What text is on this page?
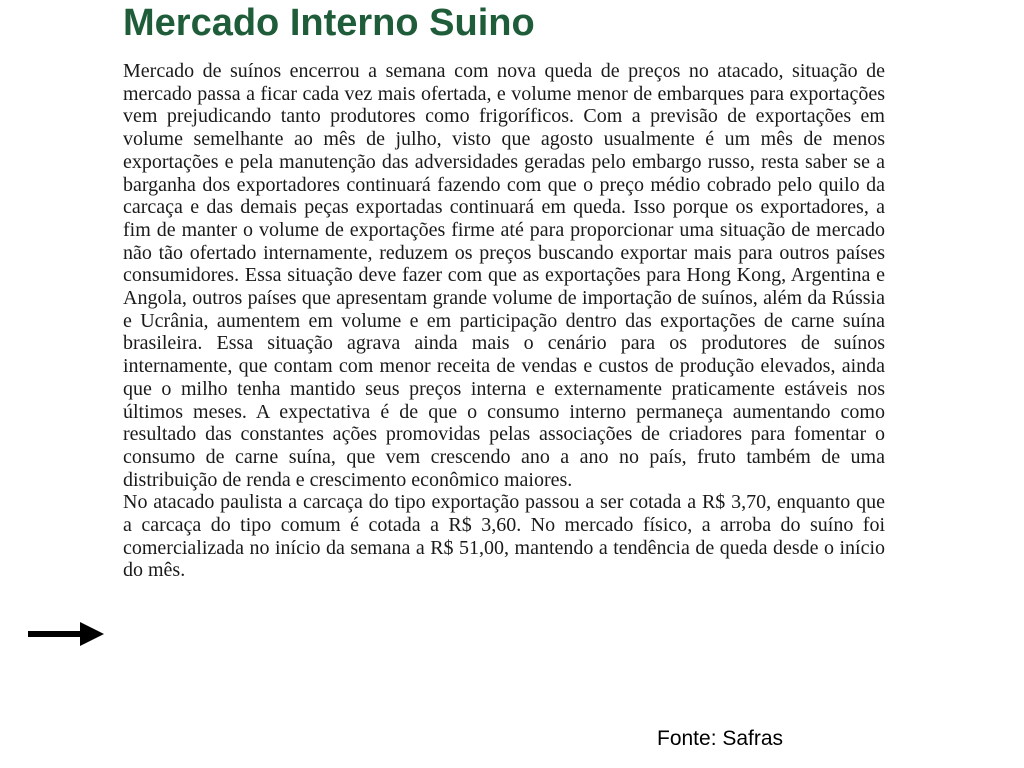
Mercado Interno Suino

Mercado de suínos encerrou a semana com nova queda de preços no atacado, situação de mercado passa a ficar cada vez mais ofertada, e volume menor de embarques para exportações vem prejudicando tanto produtores como frigoríficos. Com a previsão de exportações em volume semelhante ao mês de julho, visto que agosto usualmente é um mês de menos exportações e pela manutenção das adversidades geradas pelo embargo russo, resta saber se a barganha dos exportadores continuará fazendo com que o preço médio cobrado pelo quilo da carcaça e das demais peças exportadas continuará em queda. Isso porque os exportadores, a fim de manter o volume de exportações firme até para proporcionar uma situação de mercado não tão ofertado internamente, reduzem os preços buscando exportar mais para outros países consumidores. Essa situação deve fazer com que as exportações para Hong Kong, Argentina e Angola, outros países que apresentam grande volume de importação de suínos, além da Rússia e Ucrânia, aumentem em volume e em participação dentro das exportações de carne suína brasileira. Essa situação agrava ainda mais o cenário para os produtores de suínos internamente, que contam com menor receita de vendas e custos de produção elevados, ainda que o milho tenha mantido seus preços interna e externamente praticamente estáveis nos últimos meses. A expectativa é de que o consumo interno permaneça aumentando como resultado das constantes ações promovidas pelas associações de criadores para fomentar o consumo de carne suína, que vem crescendo ano a ano no país, fruto também de uma distribuição de renda e crescimento econômico maiores.

No atacado paulista a carcaça do tipo exportação passou a ser cotada a R$ 3,70, enquanto que a carcaça do tipo comum é cotada a R$ 3,60. No mercado físico, a arroba do suíno foi comercializada no início da semana a R$ 51,00, mantendo a tendência de queda desde o início do mês.

Fonte: Safras
